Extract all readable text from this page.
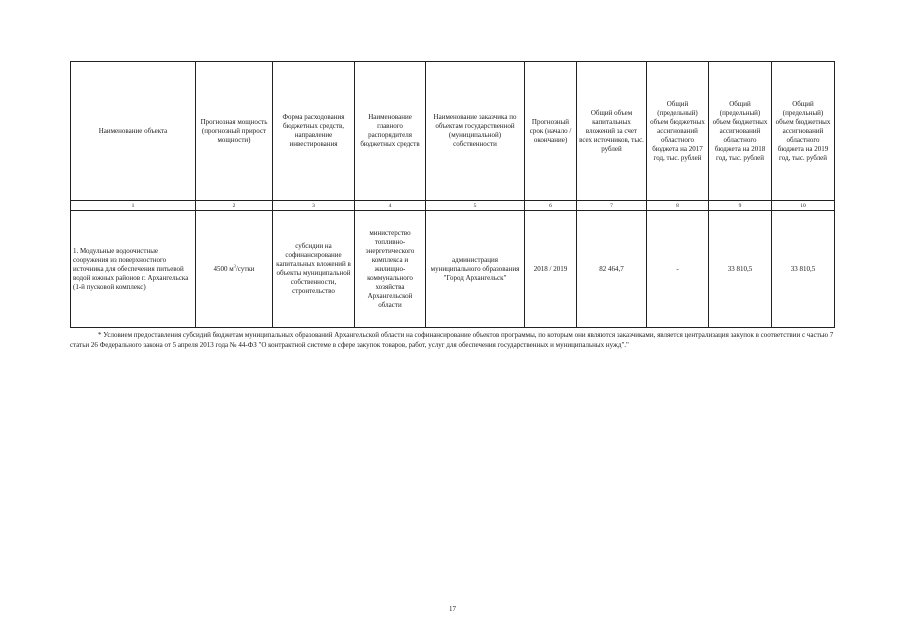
Наименование объекта	Прогнозная мощность (прогнозный прирост мощности)	Форма расходования бюджетных средств, направление инвестирования	Наименование главного распорядителя бюджетных средств	Наименование заказчика по объектам государственной (муниципальной) собственности	Прогнозный срок (начало / окончание)	Общий объем капитальных вложений за счет всех источников, тыс. рублей	Общий (предельный) объем бюджетных ассигнований областного бюджета на 2017 год, тыс. рублей	Общий (предельный) объем бюджетных ассигнований областного бюджета на 2018 год, тыс. рублей	Общий (предельный) объем бюджетных ассигнований областного бюджета на 2019 год, тыс. рублей
1	2	3	4	5	6	7	8	9	10
1. Модульные водоочистные сооружения из поверхностного источника для обеспечения питьевой водой южных районов г. Архангельска (1-й пусковой комплекс)	4500 $м^3$/сутки	субсидии на софинансирование капитальных вложений в объекты муниципальной собственности, строительство	министерство топливно-энергетического комплекса и жилищно-коммунального хозяйства Архангельской области	администрация муниципального образования "Город Архангельск"	2018 / 2019	82 464,7	-	33 810,5	33 810,5
* Условием предоставления субсидий бюджетам муниципальных образований Архангельской области на софинансирование объектов программы, по которым они являются заказчиками, является централизация закупок в соответствии с частью 7 статьи 26 Федерального закона от 5 апреля 2013 года № 44-ФЗ "О контрактной системе в сфере закупок товаров, работ, услуг для обеспечения государственных и муниципальных нужд"."
17
